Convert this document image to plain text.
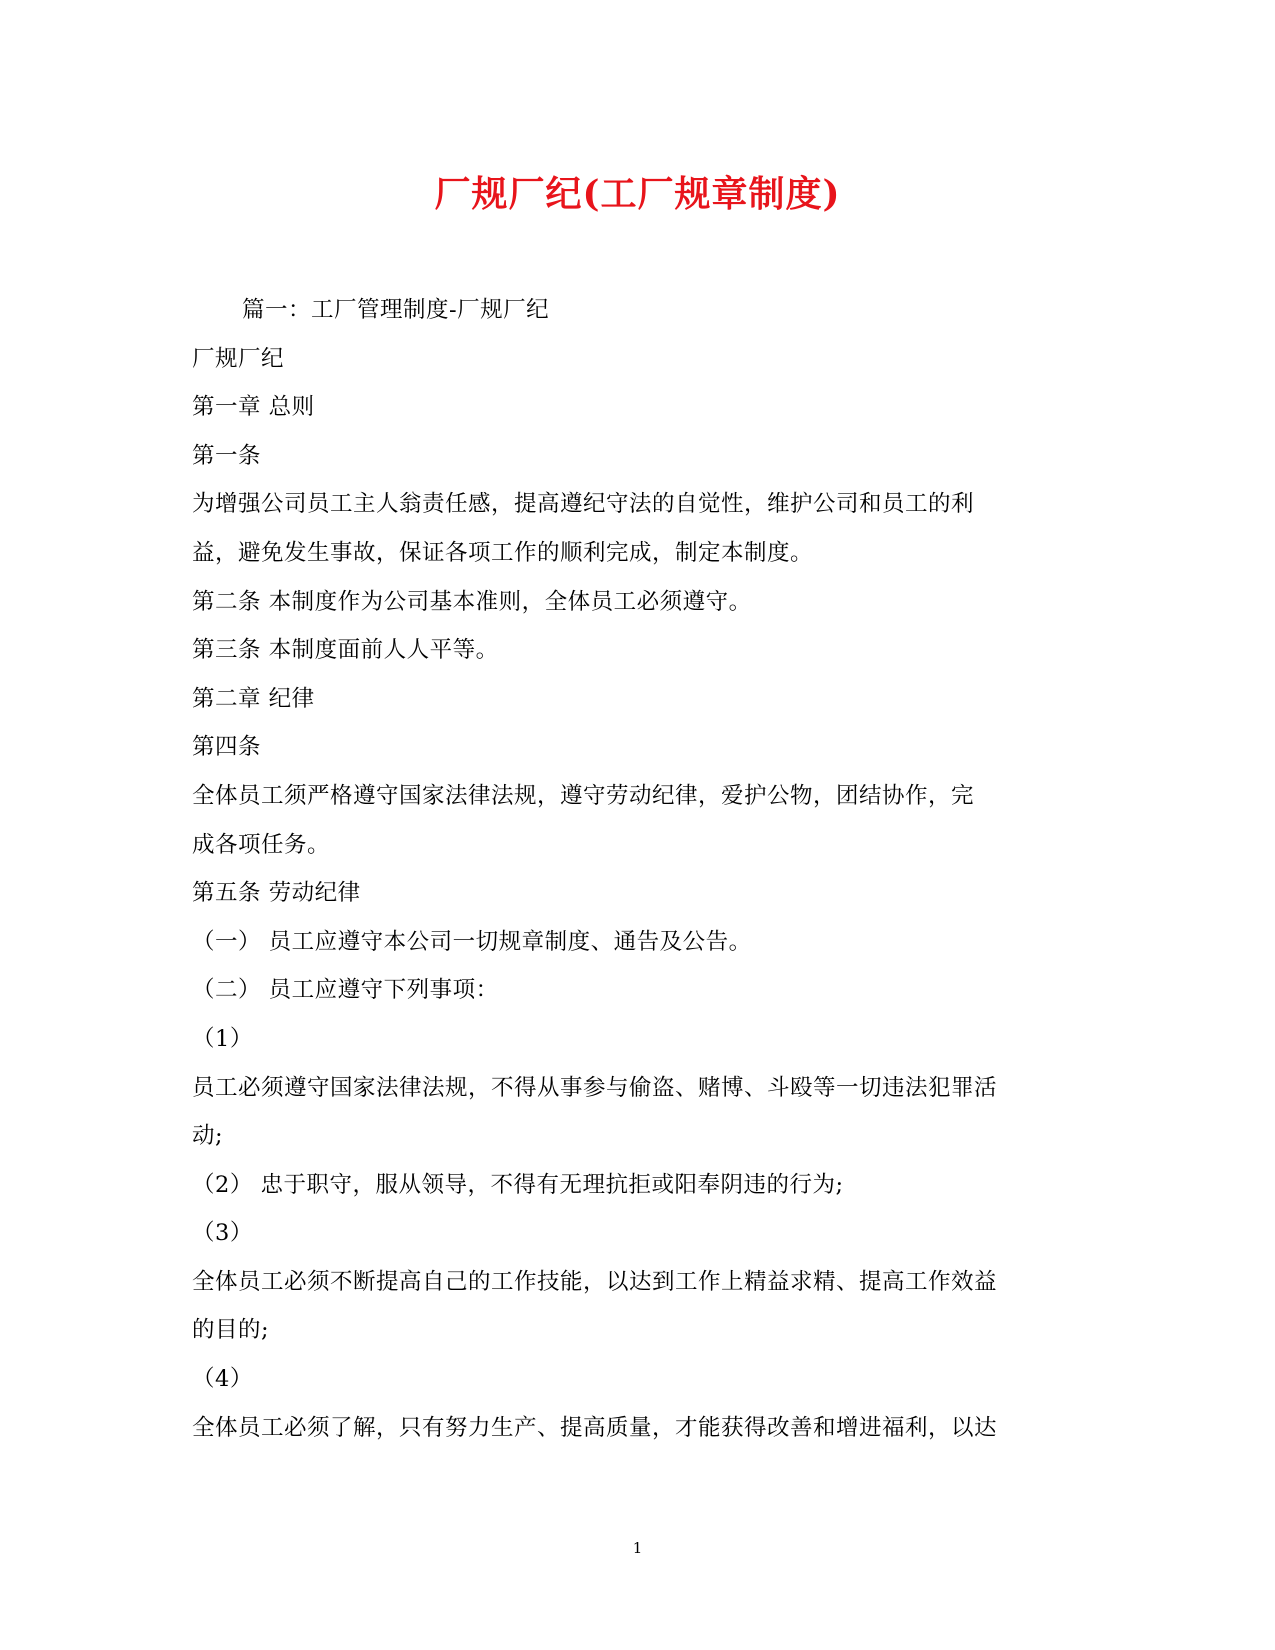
厂规厂纪(工厂规章制度)
篇一：工厂管理制度-厂规厂纪
厂规厂纪
第一章 总则
第一条
为增强公司员工主人翁责任感，提高遵纪守法的自觉性，维护公司和员工的利
益，避免发生事故，保证各项工作的顺利完成，制定本制度。
第二条 本制度作为公司基本准则，全体员工必须遵守。
第三条 本制度面前人人平等。
第二章 纪律
第四条
全体员工须严格遵守国家法律法规，遵守劳动纪律，爱护公物，团结协作，完
成各项任务。
第五条 劳动纪律
（一） 员工应遵守本公司一切规章制度、通告及公告。
（二） 员工应遵守下列事项：
（1）
员工必须遵守国家法律法规，不得从事参与偷盗、赌博、斗殴等一切违法犯罪活
动;
（2） 忠于职守，服从领导，不得有无理抗拒或阳奉阴违的行为;
（3）
全体员工必须不断提高自己的工作技能，以达到工作上精益求精、提高工作效益
的目的;
（4）
全体员工必须了解，只有努力生产、提高质量，才能获得改善和增进福利，以达
1
